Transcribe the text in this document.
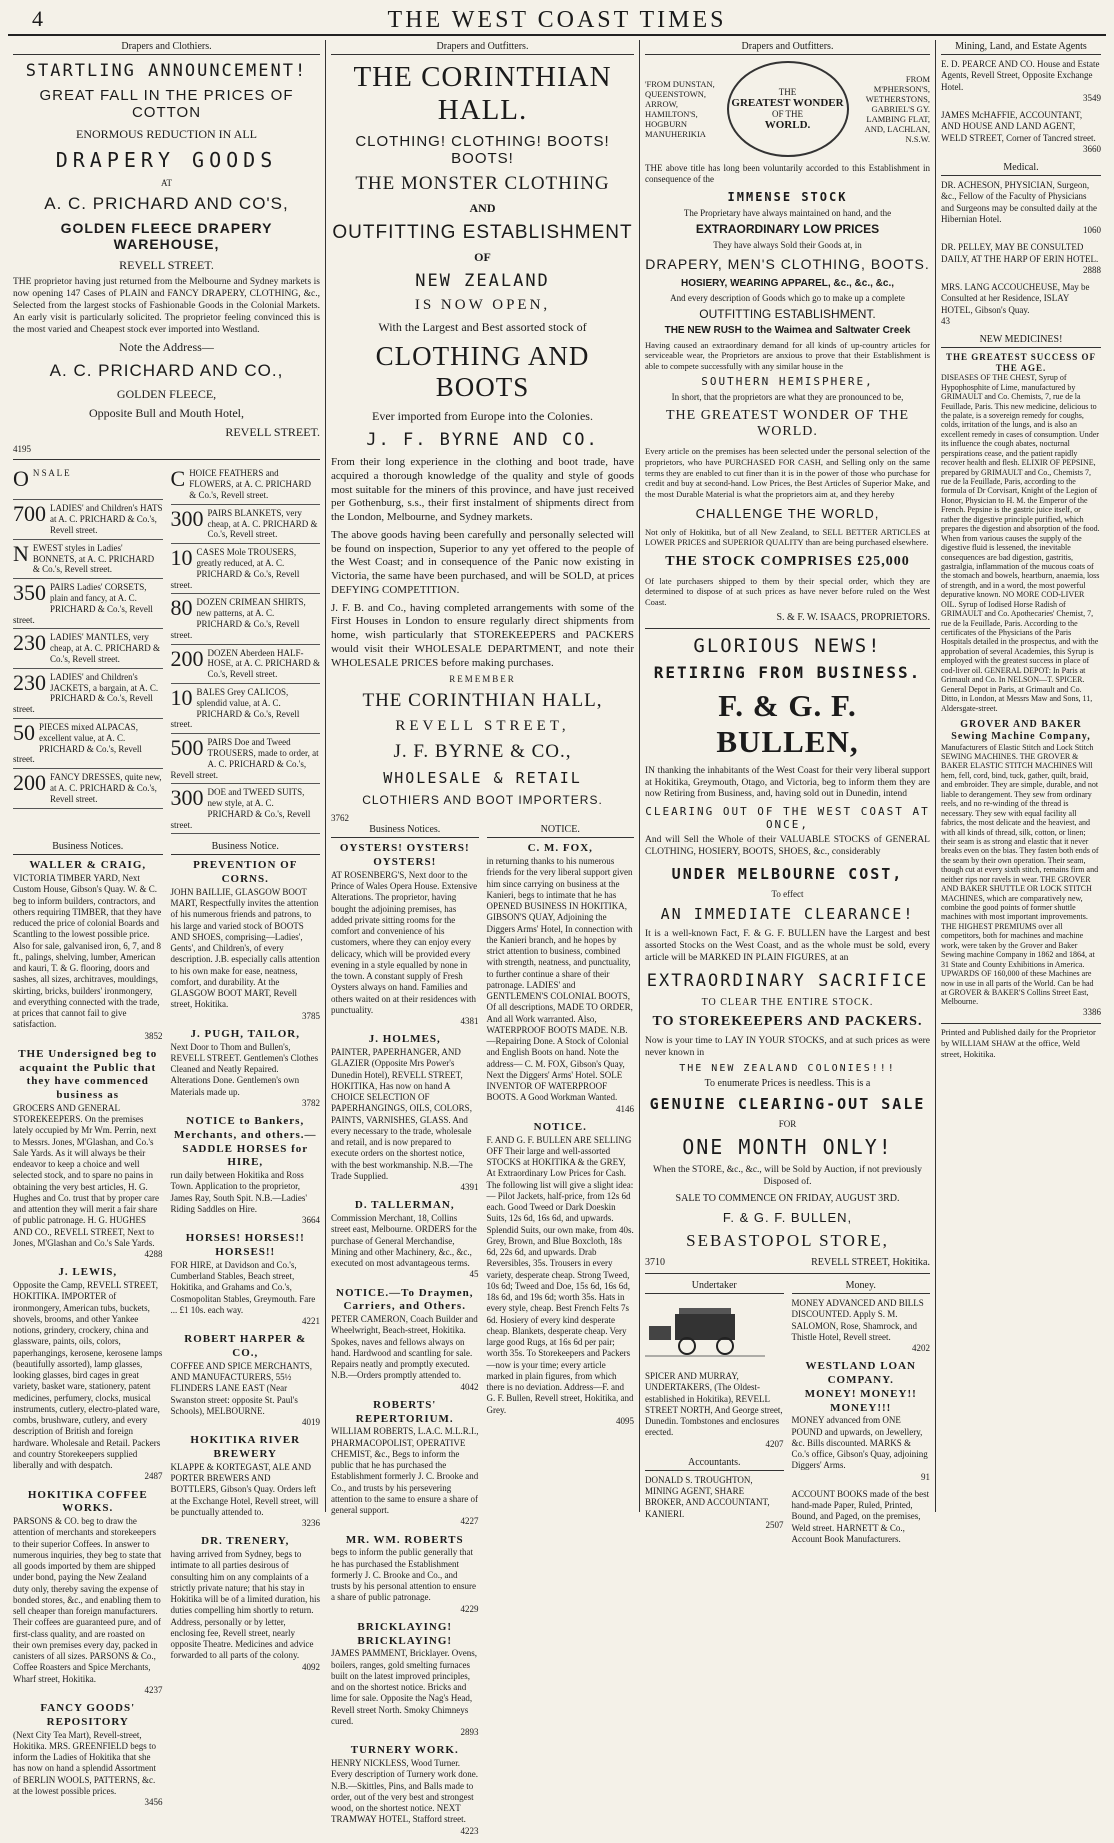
4	THE WEST COAST TIMES
Drapers and Clothiers.
STARTLING ANNOUNCEMENT!
GREAT FALL IN THE PRICES OF COTTON
ENORMOUS REDUCTION IN ALL
DRAPERY GOODS
AT
A. C. PRICHARD AND CO'S,
GOLDEN FLEECE DRAPERY WAREHOUSE,
REVELL STREET.
THE proprietor having just returned from the Melbourne and Sydney markets is now opening 147 Cases of PLAIN and FANCY DRAPERY, CLOTHING, &c., Selected from the largest stocks of Fashionable Goods in the Colonial Markets. An early visit is particularly solicited. The proprietor feeling convinced this is the most varied and Cheapest stock ever imported into Westland.
Note the Address—
A. C. PRICHARD AND CO.,
GOLDEN FLEECE,
Opposite Bull and Mouth Hotel,
REVELL STREET.
4195
O N S A L E
700 LADIES' and Children's HATS at A. C. PRICHARD & Co.'s, Revell street.
NEWEST styles in Ladies' BONNETS, at A. C. PRICHARD & Co.'s, Revell street.
350 PAIRS Ladies' CORSETS, plain and fancy, at A. C. PRICHARD & Co.'s, Revell street.
230 LADIES' MANTLES, very cheap, at A. C. PRICHARD & Co.'s, Revell street.
230 LADIES' and Children's JACKETS, a bargain, at A. C. PRICHARD & Co.'s, Revell street.
50 PIECES mixed ALPACAS, excellent value, at A. C. PRICHARD & Co.'s, Revell street.
200 FANCY DRESSES, quite new, at A. C. PRICHARD & Co.'s, Revell street.
CHOICE FEATHERS and FLOWERS, at A. C. PRICHARD & Co.'s, Revell street.
300 PAIRS BLANKETS, very cheap, at A. C. PRICHARD & Co.'s, Revell street.
10 CASES Mole TROUSERS, greatly reduced, at A. C. PRICHARD & Co.'s, Revell street.
80 DOZEN CRIMEAN SHIRTS, new patterns, at A. C. PRICHARD & Co.'s, Revell street.
200 DOZEN Aberdeen HALF-HOSE, at A. C. PRICHARD & Co.'s, Revell street.
10 BALES Grey CALICOS, splendid value, at A. C. PRICHARD & Co.'s, Revell street.
500 PAIRS Doe and Tweed TROUSERS, made to order, at A. C. PRICHARD & Co.'s, Revell street.
300 DOE and TWEED SUITS, new style, at A. C. PRICHARD & Co.'s, Revell street.
Business Notices.
WALLER & CRAIG,
VICTORIA TIMBER YARD, Next Custom House, Gibson's Quay. W. & C. beg to inform builders, contractors, and others requiring TIMBER, that they have reduced the price of colonial Boards and Scantling to the lowest possible price. Also for sale, galvanised iron, 6, 7, and 8 ft., palings, shelving, lumber, American and kauri, T. & G. flooring, doors and sashes, all sizes, architraves, mouldings, skirting, bricks, builders' ironmongery, and everything connected with the trade, at prices that cannot fail to give satisfaction.
3852
THE Undersigned beg to acquaint the Public that they have commenced business as
GROCERS AND GENERAL STOREKEEPERS. On the premises lately occupied by Mr Wm. Perrin, next to Messrs. Jones, M'Glashan, and Co.'s Sale Yards. As it will always be their endeavor to keep a choice and well selected stock, and to spare no pains in obtaining the very best articles, H. G. Hughes and Co. trust that by proper care and attention they will merit a fair share of public patronage. H. G. HUGHES AND CO., REVELL STREET, Next to Jones, M'Glashan and Co.'s Sale Yards.
4288
J. LEWIS,
Opposite the Camp, REVELL STREET, HOKITIKA. IMPORTER of ironmongery, American tubs, buckets, shovels, brooms, and other Yankee notions, grindery, crockery, china and glassware, paints, oils, colors, paperhangings, kerosene, kerosene lamps (beautifully assorted), lamp glasses, looking glasses, bird cages in great variety, basket ware, stationery, patent medicines, perfumery, clocks, musical instruments, cutlery, electro-plated ware, combs, brushware, cutlery, and every description of British and foreign hardware. Wholesale and Retail. Packers and country Storekeepers supplied liberally and with despatch.
2487
HOKITIKA COFFEE WORKS.
PARSONS & CO. beg to draw the attention of merchants and storekeepers to their superior Coffees. In answer to numerous inquiries, they beg to state that all goods imported by them are shipped under bond, paying the New Zealand duty only, thereby saving the expense of bonded stores, &c., and enabling them to sell cheaper than foreign manufacturers. Their coffees are guaranteed pure, and of first-class quality, and are roasted on their own premises every day, packed in canisters of all sizes. PARSONS & Co., Coffee Roasters and Spice Merchants, Wharf street, Hokitika.
4237
FANCY GOODS' REPOSITORY
(Next City Tea Mart), Revell-street, Hokitika. MRS. GREENFIELD begs to inform the Ladies of Hokitika that she has now on hand a splendid Assortment of BERLIN WOOLS, PATTERNS, &c. at the lowest possible prices.
3456
Business Notice.
PREVENTION OF CORNS.
JOHN BAILLIE, GLASGOW BOOT MART, Respectfully invites the attention of his numerous friends and patrons, to his large and varied stock of BOOTS AND SHOES, comprising—Ladies', Gents', and Children's, of every description. J.B. especially calls attention to his own make for ease, neatness, comfort, and durability. At the GLASGOW BOOT MART, Revell street, Hokitika.
3785
J. PUGH, TAILOR,
Next Door to Thom and Bullen's, REVELL STREET. Gentlemen's Clothes Cleaned and Neatly Repaired. Alterations Done. Gentlemen's own Materials made up.
3782
NOTICE to Bankers, Merchants, and others.—SADDLE HORSES for HIRE,
run daily between Hokitika and Ross Town. Application to the proprietor, James Ray, South Spit. N.B.—Ladies' Riding Saddles on Hire.
3664
HORSES! HORSES!! HORSES!!
FOR HIRE, at Davidson and Co.'s, Cumberland Stables, Beach street, Hokitika, and Grahams and Co.'s, Cosmopolitan Stables, Greymouth. Fare ... £1 10s. each way.
4221
ROBERT HARPER & CO.,
COFFEE AND SPICE MERCHANTS, AND MANUFACTURERS, 55½ FLINDERS LANE EAST (Near Swanston street: opposite St. Paul's Schools), MELBOURNE.
4019
HOKITIKA RIVER BREWERY
KLAPPE & KORTEGAST, ALE AND PORTER BREWERS AND BOTTLERS, Gibson's Quay. Orders left at the Exchange Hotel, Revell street, will be punctually attended to.
3236
DR. TRENERY,
having arrived from Sydney, begs to intimate to all parties desirous of consulting him on any complaints of a strictly private nature; that his stay in Hokitika will be of a limited duration, his duties compelling him shortly to return. Address, personally or by letter, enclosing fee, Revell street, nearly opposite Theatre. Medicines and advice forwarded to all parts of the colony.
4092
Drapers and Outfitters.
THE CORINTHIAN HALL.
CLOTHING! CLOTHING! BOOTS! BOOTS!
THE MONSTER CLOTHING
AND
OUTFITTING ESTABLISHMENT
OF
NEW ZEALAND
IS NOW OPEN,
With the Largest and Best assorted stock of
CLOTHING AND BOOTS
Ever imported from Europe into the Colonies.
J. F. BYRNE AND CO.
From their long experience in the clothing and boot trade, have acquired a thorough knowledge of the quality and style of goods most suitable for the miners of this province, and have just received per Gothenburg, s.s., their first instalment of shipments direct from the London, Melbourne, and Sydney markets.
The above goods having been carefully and personally selected will be found on inspection, Superior to any yet offered to the people of the West Coast; and in consequence of the Panic now existing in Victoria, the same have been purchased, and will be SOLD, at prices DEFYING COMPETITION.
J. F. B. and Co., having completed arrangements with some of the First Houses in London to ensure regularly direct shipments from home, wish particularly that STOREKEEPERS and PACKERS would visit their WHOLESALE DEPARTMENT, and note their WHOLESALE PRICES before making purchases.
REMEMBER
THE CORINTHIAN HALL,
REVELL STREET,
J. F. BYRNE & CO.,
WHOLESALE & RETAIL
CLOTHIERS AND BOOT IMPORTERS.
3762
Business Notices.
OYSTERS! OYSTERS! OYSTERS!
AT ROSENBERG'S, Next door to the Prince of Wales Opera House. Extensive Alterations. The proprietor, having bought the adjoining premises, has added private sitting rooms for the comfort and convenience of his customers, where they can enjoy every delicacy, which will be provided every evening in a style equalled by none in the town. A constant supply of Fresh Oysters always on hand. Families and others waited on at their residences with punctuality.
4381
J. HOLMES,
PAINTER, PAPERHANGER, AND GLAZIER (Opposite Mrs Power's Dunedin Hotel), REVELL STREET, HOKITIKA, Has now on hand A CHOICE SELECTION OF PAPERHANGINGS, OILS, COLORS, PAINTS, VARNISHES, GLASS. And every necessary to the trade, wholesale and retail, and is now prepared to execute orders on the shortest notice, with the best workmanship. N.B.—The Trade Supplied.
4391
D. TALLERMAN,
Commission Merchant, 18, Collins street east, Melbourne. ORDERS for the purchase of General Merchandise, Mining and other Machinery, &c., &c., executed on most advantageous terms.
45
NOTICE.—To Draymen, Carriers, and Others.
PETER CAMERON, Coach Builder and Wheelwright, Beach-street, Hokitika. Spokes, naves and fellows always on hand. Hardwood and scantling for sale. Repairs neatly and promptly executed. N.B.—Orders promptly attended to.
4042
ROBERTS' REPERTORIUM.
WILLIAM ROBERTS, L.A.C. M.L.R.I., PHARMACOPOLIST, OPERATIVE CHEMIST, &c., Begs to inform the public that he has purchased the Establishment formerly J. C. Brooke and Co., and trusts by his persevering attention to the same to ensure a share of general support.
4227
MR. WM. ROBERTS
begs to inform the public generally that he has purchased the Establishment formerly J. C. Brooke and Co., and trusts by his personal attention to ensure a share of public patronage.
4229
BRICKLAYING! BRICKLAYING!
JAMES PAMMENT, Bricklayer. Ovens, boilers, ranges, gold smelting furnaces built on the latest improved principles, and on the shortest notice. Bricks and lime for sale. Opposite the Nag's Head, Revell street North. Smoky Chimneys cured.
2893
TURNERY WORK.
HENRY NICKLESS, Wood Turner. Every description of Turnery work done. N.B.—Skittles, Pins, and Balls made to order, out of the very best and strongest wood, on the shortest notice. NEXT TRAMWAY HOTEL, Stafford street.
4223
NOTICE.
C. M. FOX,
in returning thanks to his numerous friends for the very liberal support given him since carrying on business at the Kanieri, begs to intimate that he has OPENED BUSINESS IN HOKITIKA, GIBSON'S QUAY, Adjoining the Diggers Arms' Hotel, In connection with the Kanieri branch, and he hopes by strict attention to business, combined with strength, neatness, and punctuality, to further continue a share of their patronage. LADIES' and GENTLEMEN'S COLONIAL BOOTS, Of all descriptions, MADE TO ORDER, And all Work warranted. Also, WATERPROOF BOOTS MADE. N.B.—Repairing Done. A Stock of Colonial and English Boots on hand. Note the address— C. M. FOX, Gibson's Quay, Next the Diggers' Arms' Hotel. SOLE INVENTOR OF WATERPROOF BOOTS. A Good Workman Wanted.
4146
NOTICE.
F. AND G. F. BULLEN ARE SELLING OFF Their large and well-assorted STOCKS at HOKITIKA & the GREY, At Extraordinary Low Prices for Cash. The following list will give a slight idea:— Pilot Jackets, half-price, from 12s 6d each. Good Tweed or Dark Doeskin Suits, 12s 6d, 16s 6d, and upwards. Splendid Suits, our own make, from 40s. Grey, Brown, and Blue Boxcloth, 18s 6d, 22s 6d, and upwards. Drab Reversibles, 35s. Trousers in every variety, desperate cheap. Strong Tweed, 10s 6d; Tweed and Doe, 15s 6d, 16s 6d, 18s 6d, and 19s 6d; worth 35s. Hats in every style, cheap. Best French Felts 7s 6d. Hosiery of every kind desperate cheap. Blankets, desperate cheap. Very large good Rugs, at 16s 6d per pair; worth 35s. To Storekeepers and Packers—now is your time; every article marked in plain figures, from which there is no deviation. Address—F. and G. F. Bullen, Revell street, Hokitika, and Grey.
4095
Drapers and Outfitters.
'FROM DUNSTAN, QUEENSTOWN, ARROW, HAMILTON'S, HOGBURN MANUHERIKIA
THE
GREATEST WONDER
OF THE
WORLD.
FROM M'PHERSON'S, WETHERSTONS, GABRIEL'S GY. LAMBING FLAT, AND, LACHLAN, N.S.W.
THE above title has long been voluntarily accorded to this Establishment in consequence of the
IMMENSE STOCK
The Proprietary have always maintained on hand, and the
EXTRAORDINARY LOW PRICES
They have always Sold their Goods at, in
DRAPERY, MEN'S CLOTHING, BOOTS.
HOSIERY, WEARING APPAREL, &c., &c., &c.,
And every description of Goods which go to make up a complete
OUTFITTING ESTABLISHMENT.
THE NEW RUSH to the Waimea and Saltwater Creek
Having caused an extraordinary demand for all kinds of up-country articles for serviceable wear, the Proprietors are anxious to prove that their Establishment is able to compete successfully with any similar house in the
SOUTHERN HEMISPHERE,
In short, that the proprietors are what they are pronounced to be,
THE GREATEST WONDER OF THE WORLD.
Every article on the premises has been selected under the personal selection of the proprietors, who have PURCHASED FOR CASH, and Selling only on the same terms they are enabled to cut finer than it is in the power of those who purchase for credit and buy at second-hand. Low Prices, the Best Articles of Superior Make, and the most Durable Material is what the proprietors aim at, and they hereby
CHALLENGE THE WORLD,
Not only of Hokitika, but of all New Zealand, to SELL BETTER ARTICLES at LOWER PRICES and SUPERIOR QUALITY than are being purchased elsewhere.
THE STOCK COMPRISES £25,000
Of late purchasers shipped to them by their special order, which they are determined to dispose of at such prices as have never before ruled on the West Coast.
S. & F. W. ISAACS, PROPRIETORS.
GLORIOUS NEWS!
RETIRING FROM BUSINESS.
F. & G. F. BULLEN,
IN thanking the inhabitants of the West Coast for their very liberal support at Hokitika, Greymouth, Otago, and Victoria, beg to inform them they are now Retiring from Business, and, having sold out in Dunedin, intend
CLEARING OUT OF THE WEST COAST AT ONCE,
And will Sell the Whole of their VALUABLE STOCKS of GENERAL CLOTHING, HOSIERY, BOOTS, SHOES, &c., considerably
UNDER MELBOURNE COST,
To effect
AN IMMEDIATE CLEARANCE!
It is a well-known Fact, F. & G. F. BULLEN have the Largest and best assorted Stocks on the West Coast, and as the whole must be sold, every article will be MARKED IN PLAIN FIGURES, at an
EXTRAORDINARY SACRIFICE
TO CLEAR THE ENTIRE STOCK.
TO STOREKEEPERS AND PACKERS.
Now is your time to LAY IN YOUR STOCKS, and at such prices as were never known in
THE NEW ZEALAND COLONIES!!!
To enumerate Prices is needless. This is a
GENUINE CLEARING-OUT SALE
FOR
ONE MONTH ONLY!
When the STORE, &c., &c., will be Sold by Auction, if not previously Disposed of.
SALE TO COMMENCE ON FRIDAY, AUGUST 3RD.
F. & G. F. BULLEN,
SEBASTOPOL STORE,
3710	REVELL STREET, Hokitika.
Undertaker
SPICER AND MURRAY, UNDERTAKERS, (The Oldest-established in Hokitika), REVELL STREET NORTH, And George street, Dunedin. Tombstones and enclosures erected.
4207
Accountants.
DONALD S. TROUGHTON, MINING AGENT, SHARE BROKER, AND ACCOUNTANT, KANIERI.
2507
Money.
MONEY ADVANCED AND BILLS DISCOUNTED. Apply S. M. SALOMON, Rose, Shamrock, and Thistle Hotel, Revell street.
4202
WESTLAND LOAN COMPANY.
MONEY! MONEY!! MONEY!!!
MONEY advanced from ONE POUND and upwards, on Jewellery, &c. Bills discounted. MARKS & Co.'s office, Gibson's Quay, adjoining Diggers' Arms.
91
ACCOUNT BOOKS made of the best hand-made Paper, Ruled, Printed, Bound, and Paged, on the premises, Weld street. HARNETT & Co., Account Book Manufacturers.
Mining, Land, and Estate Agents
E. D. PEARCE AND CO. House and Estate Agents, Revell Street, Opposite Exchange Hotel.
3549
JAMES McHAFFIE, ACCOUNTANT, AND HOUSE AND LAND AGENT, WELD STREET, Corner of Tancred street.
3660
Medical.
DR. ACHESON, PHYSICIAN, Surgeon, &c., Fellow of the Faculty of Physicians and Surgeons may be consulted daily at the Hibernian Hotel.
1060
DR. PELLEY, MAY BE CONSULTED DAILY, AT THE HARP OF ERIN HOTEL.
2888
MRS. LANG ACCOUCHEUSE, May be Consulted at her Residence, ISLAY HOTEL, Gibson's Quay.
43
NEW MEDICINES!
THE GREATEST SUCCESS OF THE AGE.
DISEASES OF THE CHEST, Syrup of Hypophosphite of Lime, manufactured by GRIMAULT and Co. Chemists, 7, rue de la Feuillade, Paris. This new medicine, delicious to the palate, is a sovereign remedy for coughs, colds, irritation of the lungs, and is also an excellent remedy in cases of consumption. Under its influence the cough abates, nocturnal perspirations cease, and the patient rapidly recover health and flesh. ELIXIR OF PEPSINE, prepared by GRIMAULT and Co., Chemists 7, rue de la Feuillade, Paris, according to the formula of Dr Corvisart, Knight of the Legion of Honor, Physician to H. M. the Emperor of the French. Pepsine is the gastric juice itself, or rather the digestive principle purified, which prepares the digestion and absorption of the food. When from various causes the supply of the digestive fluid is lessened, the inevitable consequences are bad digestion, gastritis, gastralgia, inflammation of the mucous coats of the stomach and bowels, heartburn, anaemia, loss of strength, and in a word, the most powerful depurative known. NO MORE COD-LIVER OIL. Syrup of Iodised Horse Radish of GRIMAULT and Co. Apothecaries' Chemist, 7, rue de la Feuillade, Paris. According to the certificates of the Physicians of the Paris Hospitals detailed in the prospectus, and with the approbation of several Academies, this Syrup is employed with the greatest success in place of cod-liver oil. GENERAL DEPOT: In Paris at Grimault and Co. In NELSON—T. SPICER. General Depot in Paris, at Grimault and Co. Ditto, in London, at Messrs Maw and Sons, 11, Aldersgate-street.
GROVER AND BAKER Sewing Machine Company,
Manufacturers of Elastic Stitch and Lock Stitch SEWING MACHINES. THE GROVER & BAKER ELASTIC STITCH MACHINES Will hem, fell, cord, bind, tuck, gather, quilt, braid, and embroider. They are simple, durable, and not liable to derangement. They sew from ordinary reels, and no re-winding of the thread is necessary. They sew with equal facility all fabrics, the most delicate and the heaviest, and with all kinds of thread, silk, cotton, or linen; their seam is as strong and elastic that it never breaks even on the bias. They fasten both ends of the seam by their own operation. Their seam, though cut at every sixth stitch, remains firm and neither rips nor ravels in wear. THE GROVER AND BAKER SHUTTLE OR LOCK STITCH MACHINES, which are comparatively new, combine the good points of former shuttle machines with most important improvements. THE HIGHEST PREMIUMS over all competitors, both for machines and machine work, were taken by the Grover and Baker Sewing machine Company in 1862 and 1864, at 31 State and County Exhibitions in America. UPWARDS OF 160,000 of these Machines are now in use in all parts of the World. Can be had at GROVER & BAKER'S Collins Street East, Melbourne.
3386
Printed and Published daily for the Proprietor by WILLIAM SHAW at the office, Weld street, Hokitika.
